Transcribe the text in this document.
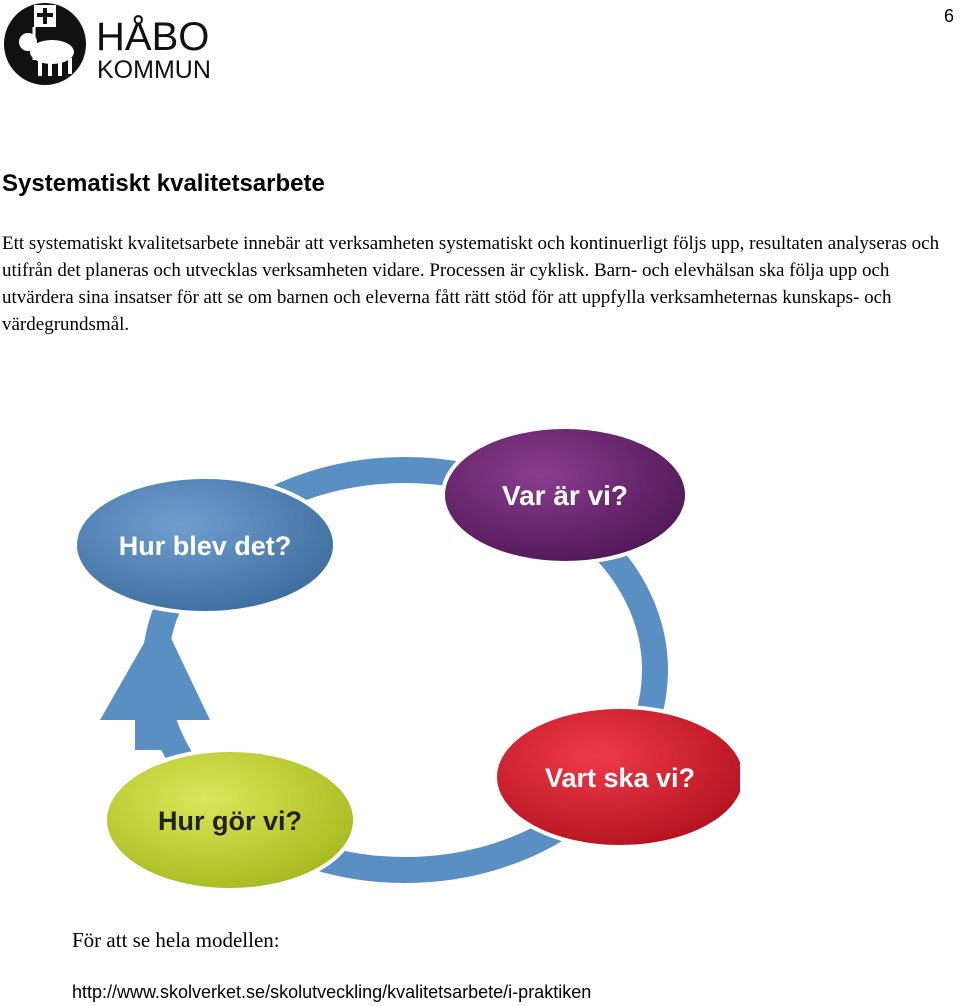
6
HÅBO
KOMMUN
Systematiskt kvalitetsarbete

Ett systematiskt kvalitetsarbete innebär att verksamheten systematiskt och kontinuerligt följs upp, resultaten analyseras och utifrån det planeras och utvecklas verksamheten vidare. Processen är cyklisk. Barn- och elevhälsan ska följa upp och utvärdera sina insatser för att se om barnen och eleverna fått rätt stöd för att uppfylla verksamheternas kunskaps- och värdegrundsmål.

Var är vi?
Hur blev det?
Vart ska vi?
Hur gör vi?

För att se hela modellen:

http://www.skolverket.se/skolutveckling/kvalitetsarbete/i-praktiken
